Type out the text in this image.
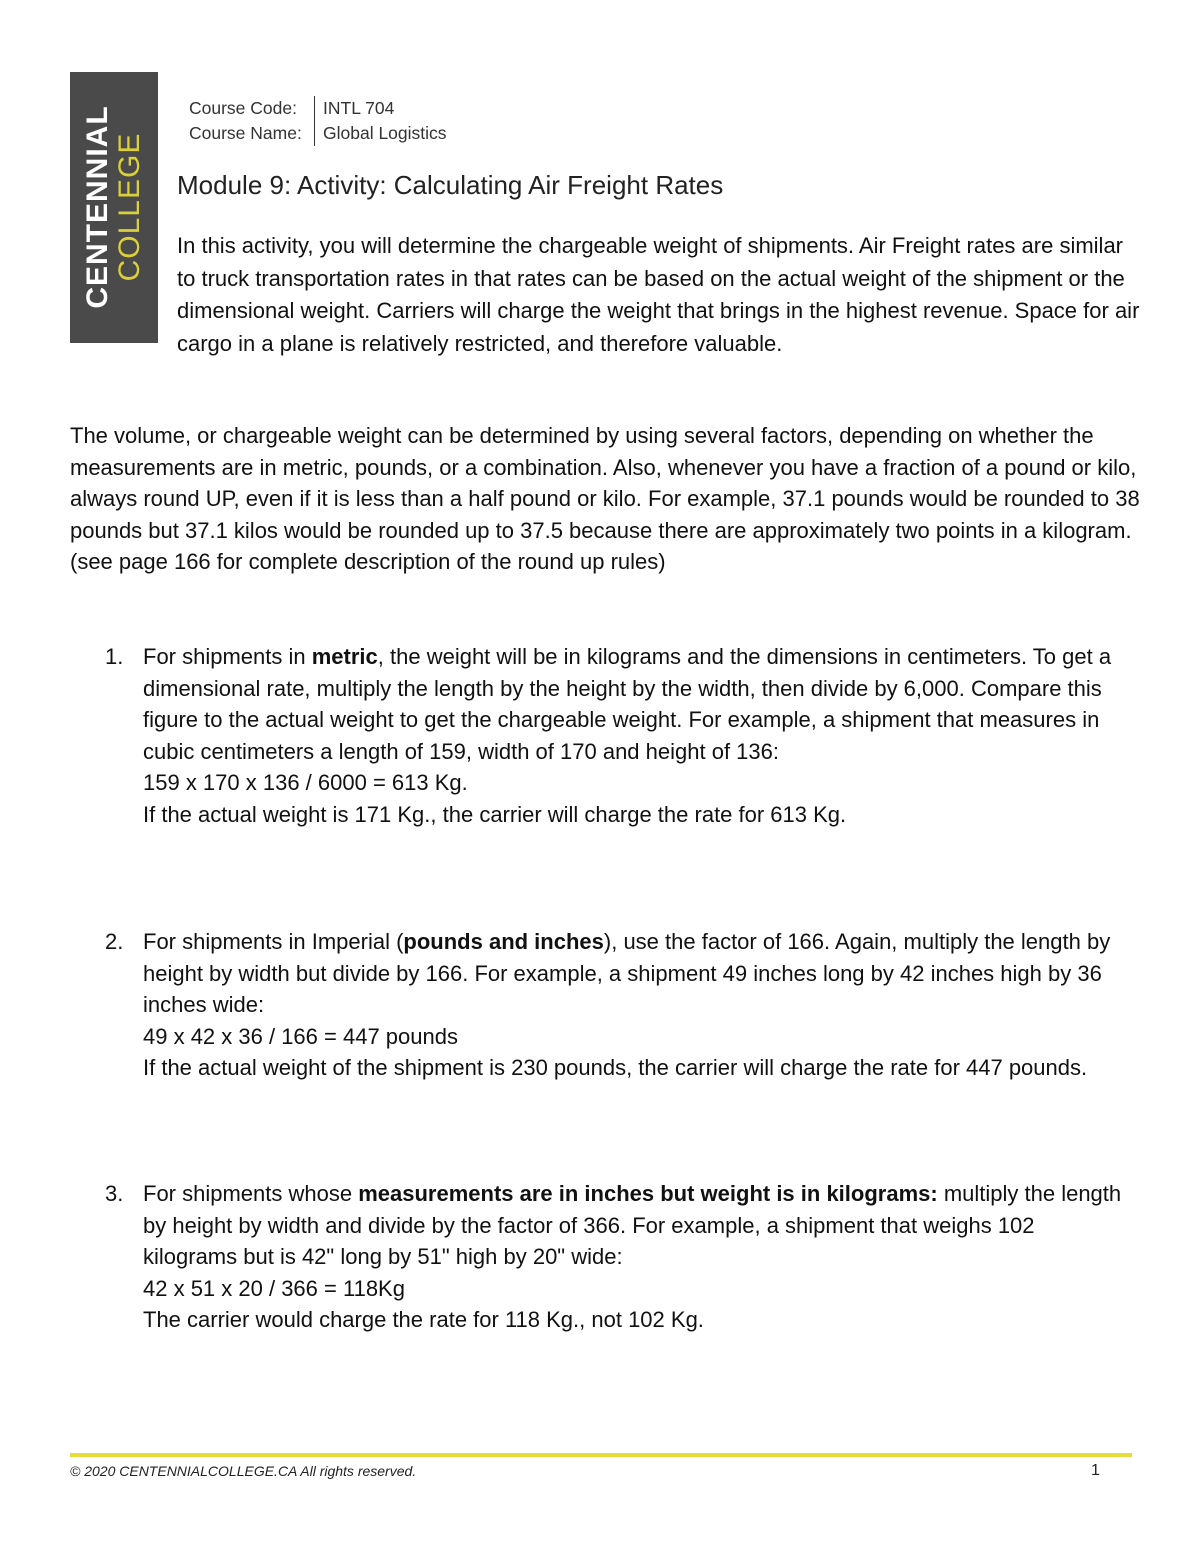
CENTENNIAL COLLEGE
Course Code:	INTL 704
Course Name:	Global Logistics
Module 9: Activity: Calculating Air Freight Rates

In this activity, you will determine the chargeable weight of shipments. Air Freight rates are similar to truck transportation rates in that rates can be based on the actual weight of the shipment or the dimensional weight. Carriers will charge the weight that brings in the highest revenue. Space for air cargo in a plane is relatively restricted, and therefore valuable.

The volume, or chargeable weight can be determined by using several factors, depending on whether the measurements are in metric, pounds, or a combination. Also, whenever you have a fraction of a pound or kilo, always round UP, even if it is less than a half pound or kilo. For example, 37.1 pounds would be rounded to 38 pounds but 37.1 kilos would be rounded up to 37.5 because there are approximately two points in a kilogram. (see page 166 for complete description of the round up rules)

1. For shipments in metric, the weight will be in kilograms and the dimensions in centimeters. To get a dimensional rate, multiply the length by the height by the width, then divide by 6,000. Compare this figure to the actual weight to get the chargeable weight. For example, a shipment that measures in cubic centimeters a length of 159, width of 170 and height of 136:

159 x 170 x 136 / 6000 = 613 Kg.

If the actual weight is 171 Kg., the carrier will charge the rate for 613 Kg.

2. For shipments in Imperial (pounds and inches), use the factor of 166. Again, multiply the length by height by width but divide by 166. For example, a shipment 49 inches long by 42 inches high by 36 inches wide:

49 x 42 x 36 / 166 = 447 pounds

If the actual weight of the shipment is 230 pounds, the carrier will charge the rate for 447 pounds.

3. For shipments whose measurements are in inches but weight is in kilograms: multiply the length by height by width and divide by the factor of 366. For example, a shipment that weighs 102 kilograms but is 42" long by 51" high by 20" wide:

42 x 51 x 20 / 366 = 118Kg

The carrier would charge the rate for 118 Kg., not 102 Kg.

© 2020 CENTENNIALCOLLEGE.CA All rights reserved.	1
